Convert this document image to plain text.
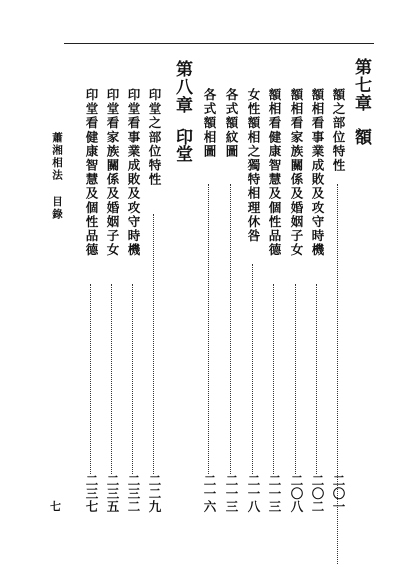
第七章
額
額之部位特性
二〇一
額相看事業成敗及攻守時機
二〇二
額相看家族關係及婚姻子女
二〇八
額相看健康智慧及個性品德
二一三
女性額相之獨特相理休咎
二一八
各式額紋圖
二一三
各式額相圖
二一六
第八章
印堂
印堂之部位特性
二二九
印堂看事業成敗及攻守時機
二三二
印堂看家族關係及婚姻子女
二三五
印堂看健康智慧及個性品德
二三七
蕭湘相法目錄
七
